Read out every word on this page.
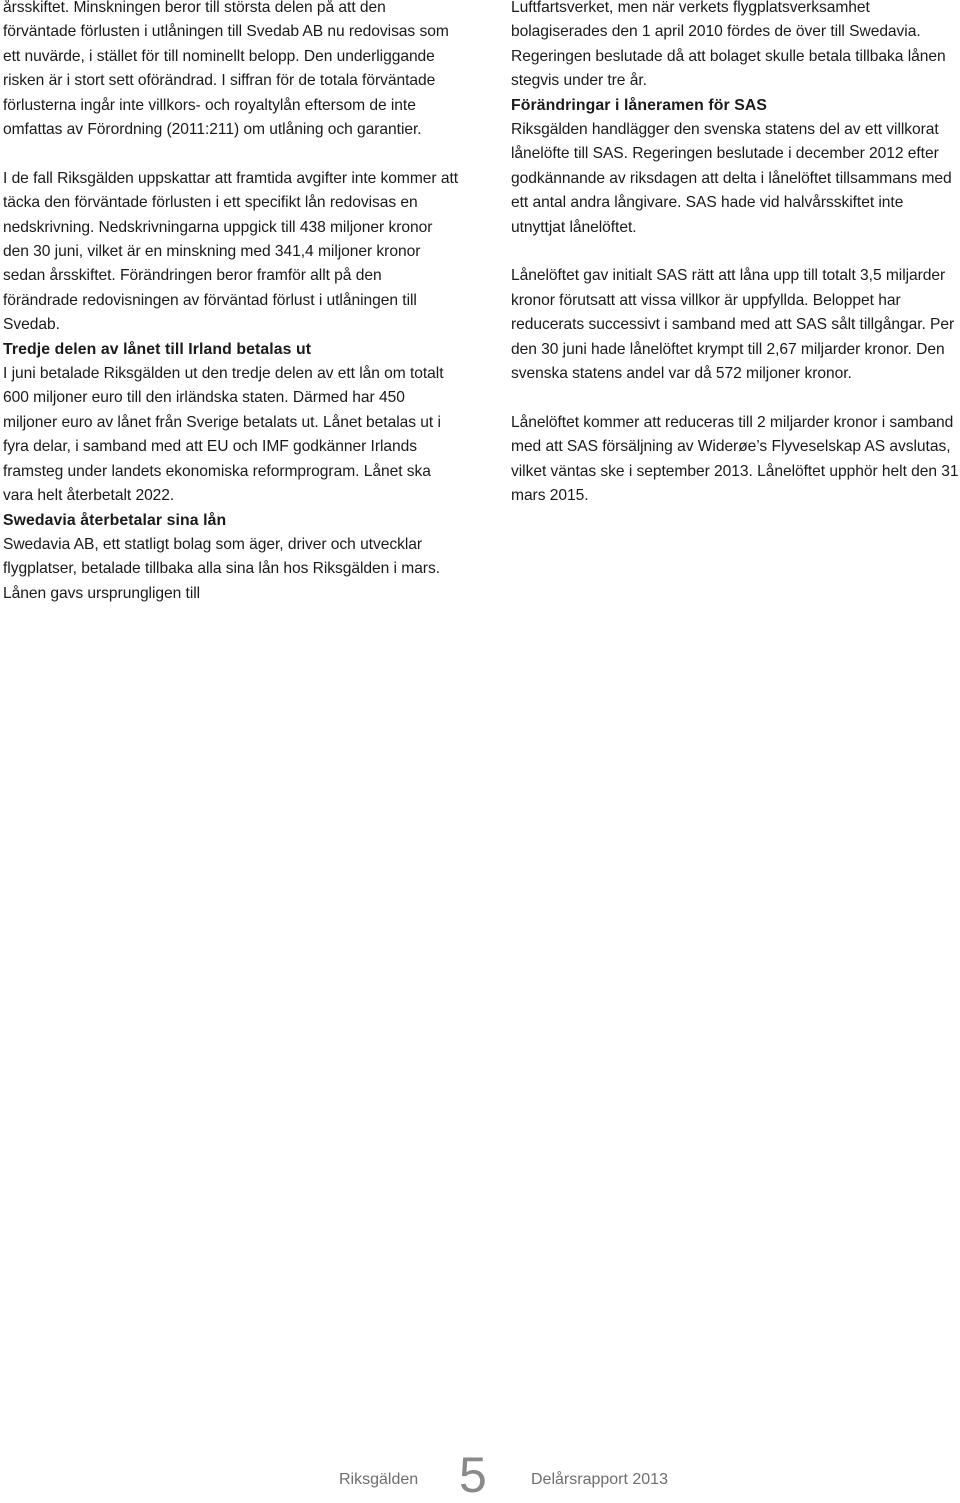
årsskiftet. Minskningen beror till största delen på att den förväntade förlusten i utlåningen till Svedab AB nu redovisas som ett nuvärde, i stället för till nominellt belopp. Den underliggande risken är i stort sett oförändrad. I siffran för de totala förväntade förlusterna ingår inte villkors- och royaltylån eftersom de inte omfattas av Förordning (2011:211) om utlåning och garantier.

I de fall Riksgälden uppskattar att framtida avgifter inte kommer att täcka den förväntade förlusten i ett specifikt lån redovisas en nedskrivning. Nedskrivningarna uppgick till 438 miljoner kronor den 30 juni, vilket är en minskning med 341,4 miljoner kronor sedan årsskiftet. Förändringen beror framför allt på den förändrade redovisningen av förväntad förlust i utlåningen till Svedab.

Tredje delen av lånet till Irland betalas ut

I juni betalade Riksgälden ut den tredje delen av ett lån om totalt 600 miljoner euro till den irländska staten. Därmed har 450 miljoner euro av lånet från Sverige betalats ut. Lånet betalas ut i fyra delar, i samband med att EU och IMF godkänner Irlands framsteg under landets ekonomiska reformprogram. Lånet ska vara helt återbetalt 2022.

Swedavia återbetalar sina lån

Swedavia AB, ett statligt bolag som äger, driver och utvecklar flygplatser, betalade tillbaka alla sina lån hos Riksgälden i mars. Lånen gavs ursprungligen till

Luftfartsverket, men när verkets flygplatsverksamhet bolagiserades den 1 april 2010 fördes de över till Swedavia. Regeringen beslutade då att bolaget skulle betala tillbaka lånen stegvis under tre år.

Förändringar i låneramen för SAS

Riksgälden handlägger den svenska statens del av ett villkorat lånelöfte till SAS. Regeringen beslutade i december 2012 efter godkännande av riksdagen att delta i lånelöftet tillsammans med ett antal andra långivare. SAS hade vid halvårsskiftet inte utnyttjat lånelöftet.

Lånelöftet gav initialt SAS rätt att låna upp till totalt 3,5 miljarder kronor förutsatt att vissa villkor är uppfyllda. Beloppet har reducerats successivt i samband med att SAS sålt tillgångar. Per den 30 juni hade lånelöftet krympt till 2,67 miljarder kronor. Den svenska statens andel var då 572 miljoner kronor.

Lånelöftet kommer att reduceras till 2 miljarder kronor i samband med att SAS försäljning av Widerøe’s Flyveselskap AS avslutas, vilket väntas ske i september 2013. Lånelöftet upphör helt den 31 mars 2015.

Riksgälden 5	Delårsrapport 2013
